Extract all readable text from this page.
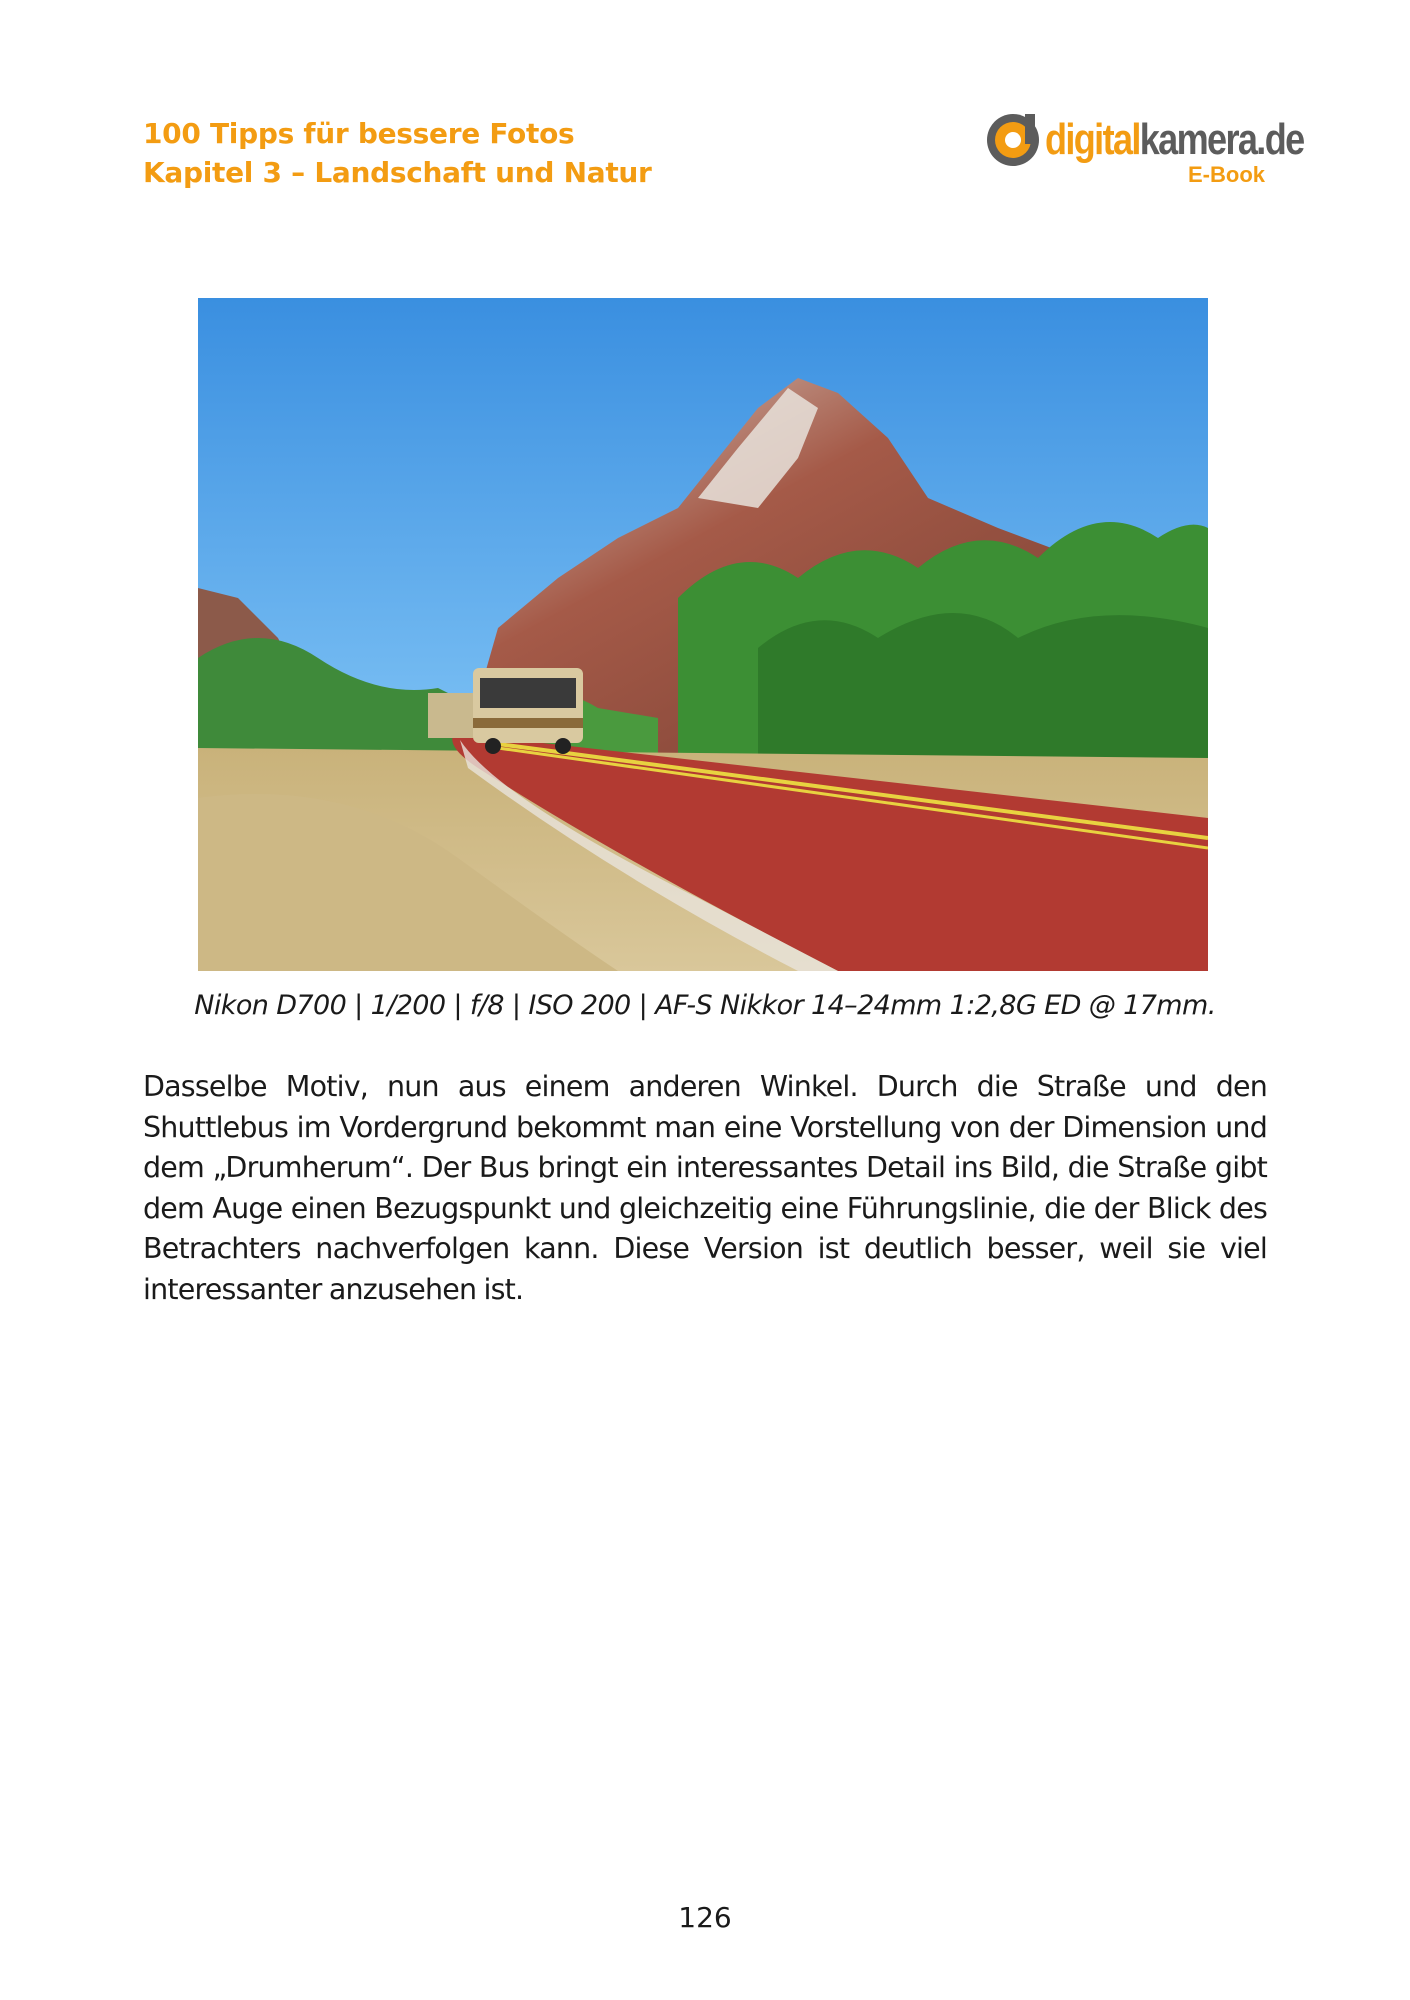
100 Tipps für bessere Fotos
Kapitel 3 – Landschaft und Natur
digitalkamera.de
E-Book
Nikon D700 | 1/200 | f/8 | ISO 200 | AF-S Nikkor 14–24mm 1:2,8G ED @ 17mm.
Dasselbe Motiv, nun aus einem anderen Winkel. Durch die Straße und den Shuttlebus im Vordergrund bekommt man eine Vorstellung von der Dimension und dem „Drumherum“. Der Bus bringt ein interessantes Detail ins Bild, die Straße gibt dem Auge einen Bezugspunkt und gleichzeitig eine Führungslinie, die der Blick des Betrachters nachverfolgen kann. Diese Version ist deutlich besser, weil sie viel interessanter anzusehen ist.
126
